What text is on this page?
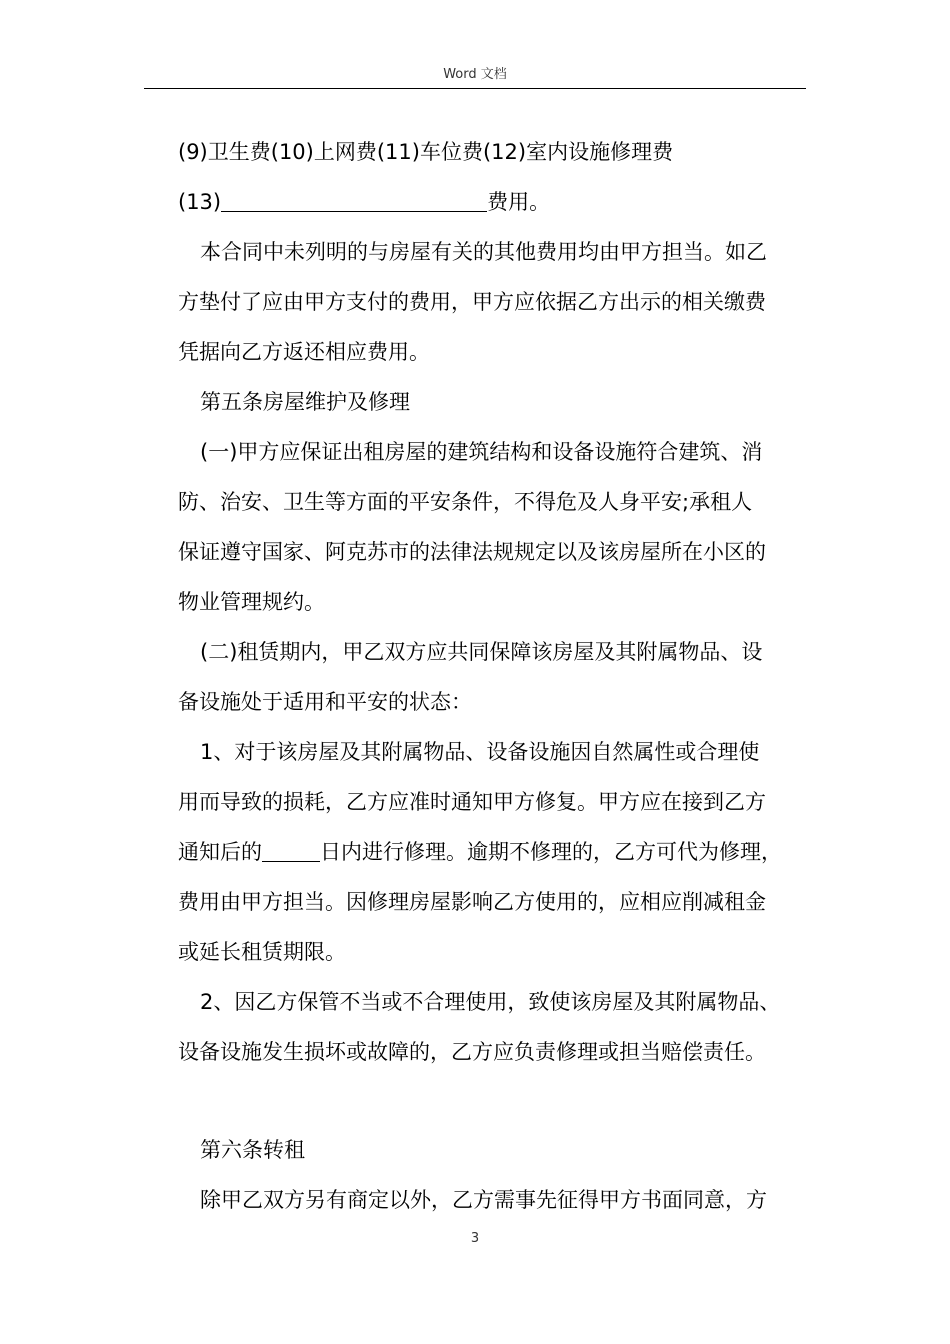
Word 文档
(9)卫生费(10)上网费(11)车位费(12)室内设施修理费
(13)	费用。
本合同中未列明的与房屋有关的其他费用均由甲方担当。如乙
方垫付了应由甲方支付的费用，甲方应依据乙方出示的相关缴费
凭据向乙方返还相应费用。
第五条房屋维护及修理
(一)甲方应保证出租房屋的建筑结构和设备设施符合建筑、消
防、治安、卫生等方面的平安条件，不得危及人身平安;承租人
保证遵守国家、阿克苏市的法律法规规定以及该房屋所在小区的
物业管理规约。
(二)租赁期内，甲乙双方应共同保障该房屋及其附属物品、设
备设施处于适用和平安的状态：
1、对于该房屋及其附属物品、设备设施因自然属性或合理使
用而导致的损耗，乙方应准时通知甲方修复。甲方应在接到乙方
通知后的	日内进行修理。逾期不修理的，乙方可代为修理，
费用由甲方担当。因修理房屋影响乙方使用的，应相应削减租金
或延长租赁期限。
2、因乙方保管不当或不合理使用，致使该房屋及其附属物品、
设备设施发生损坏或故障的，乙方应负责修理或担当赔偿责任。
第六条转租
除甲乙双方另有商定以外，乙方需事先征得甲方书面同意，方
3
